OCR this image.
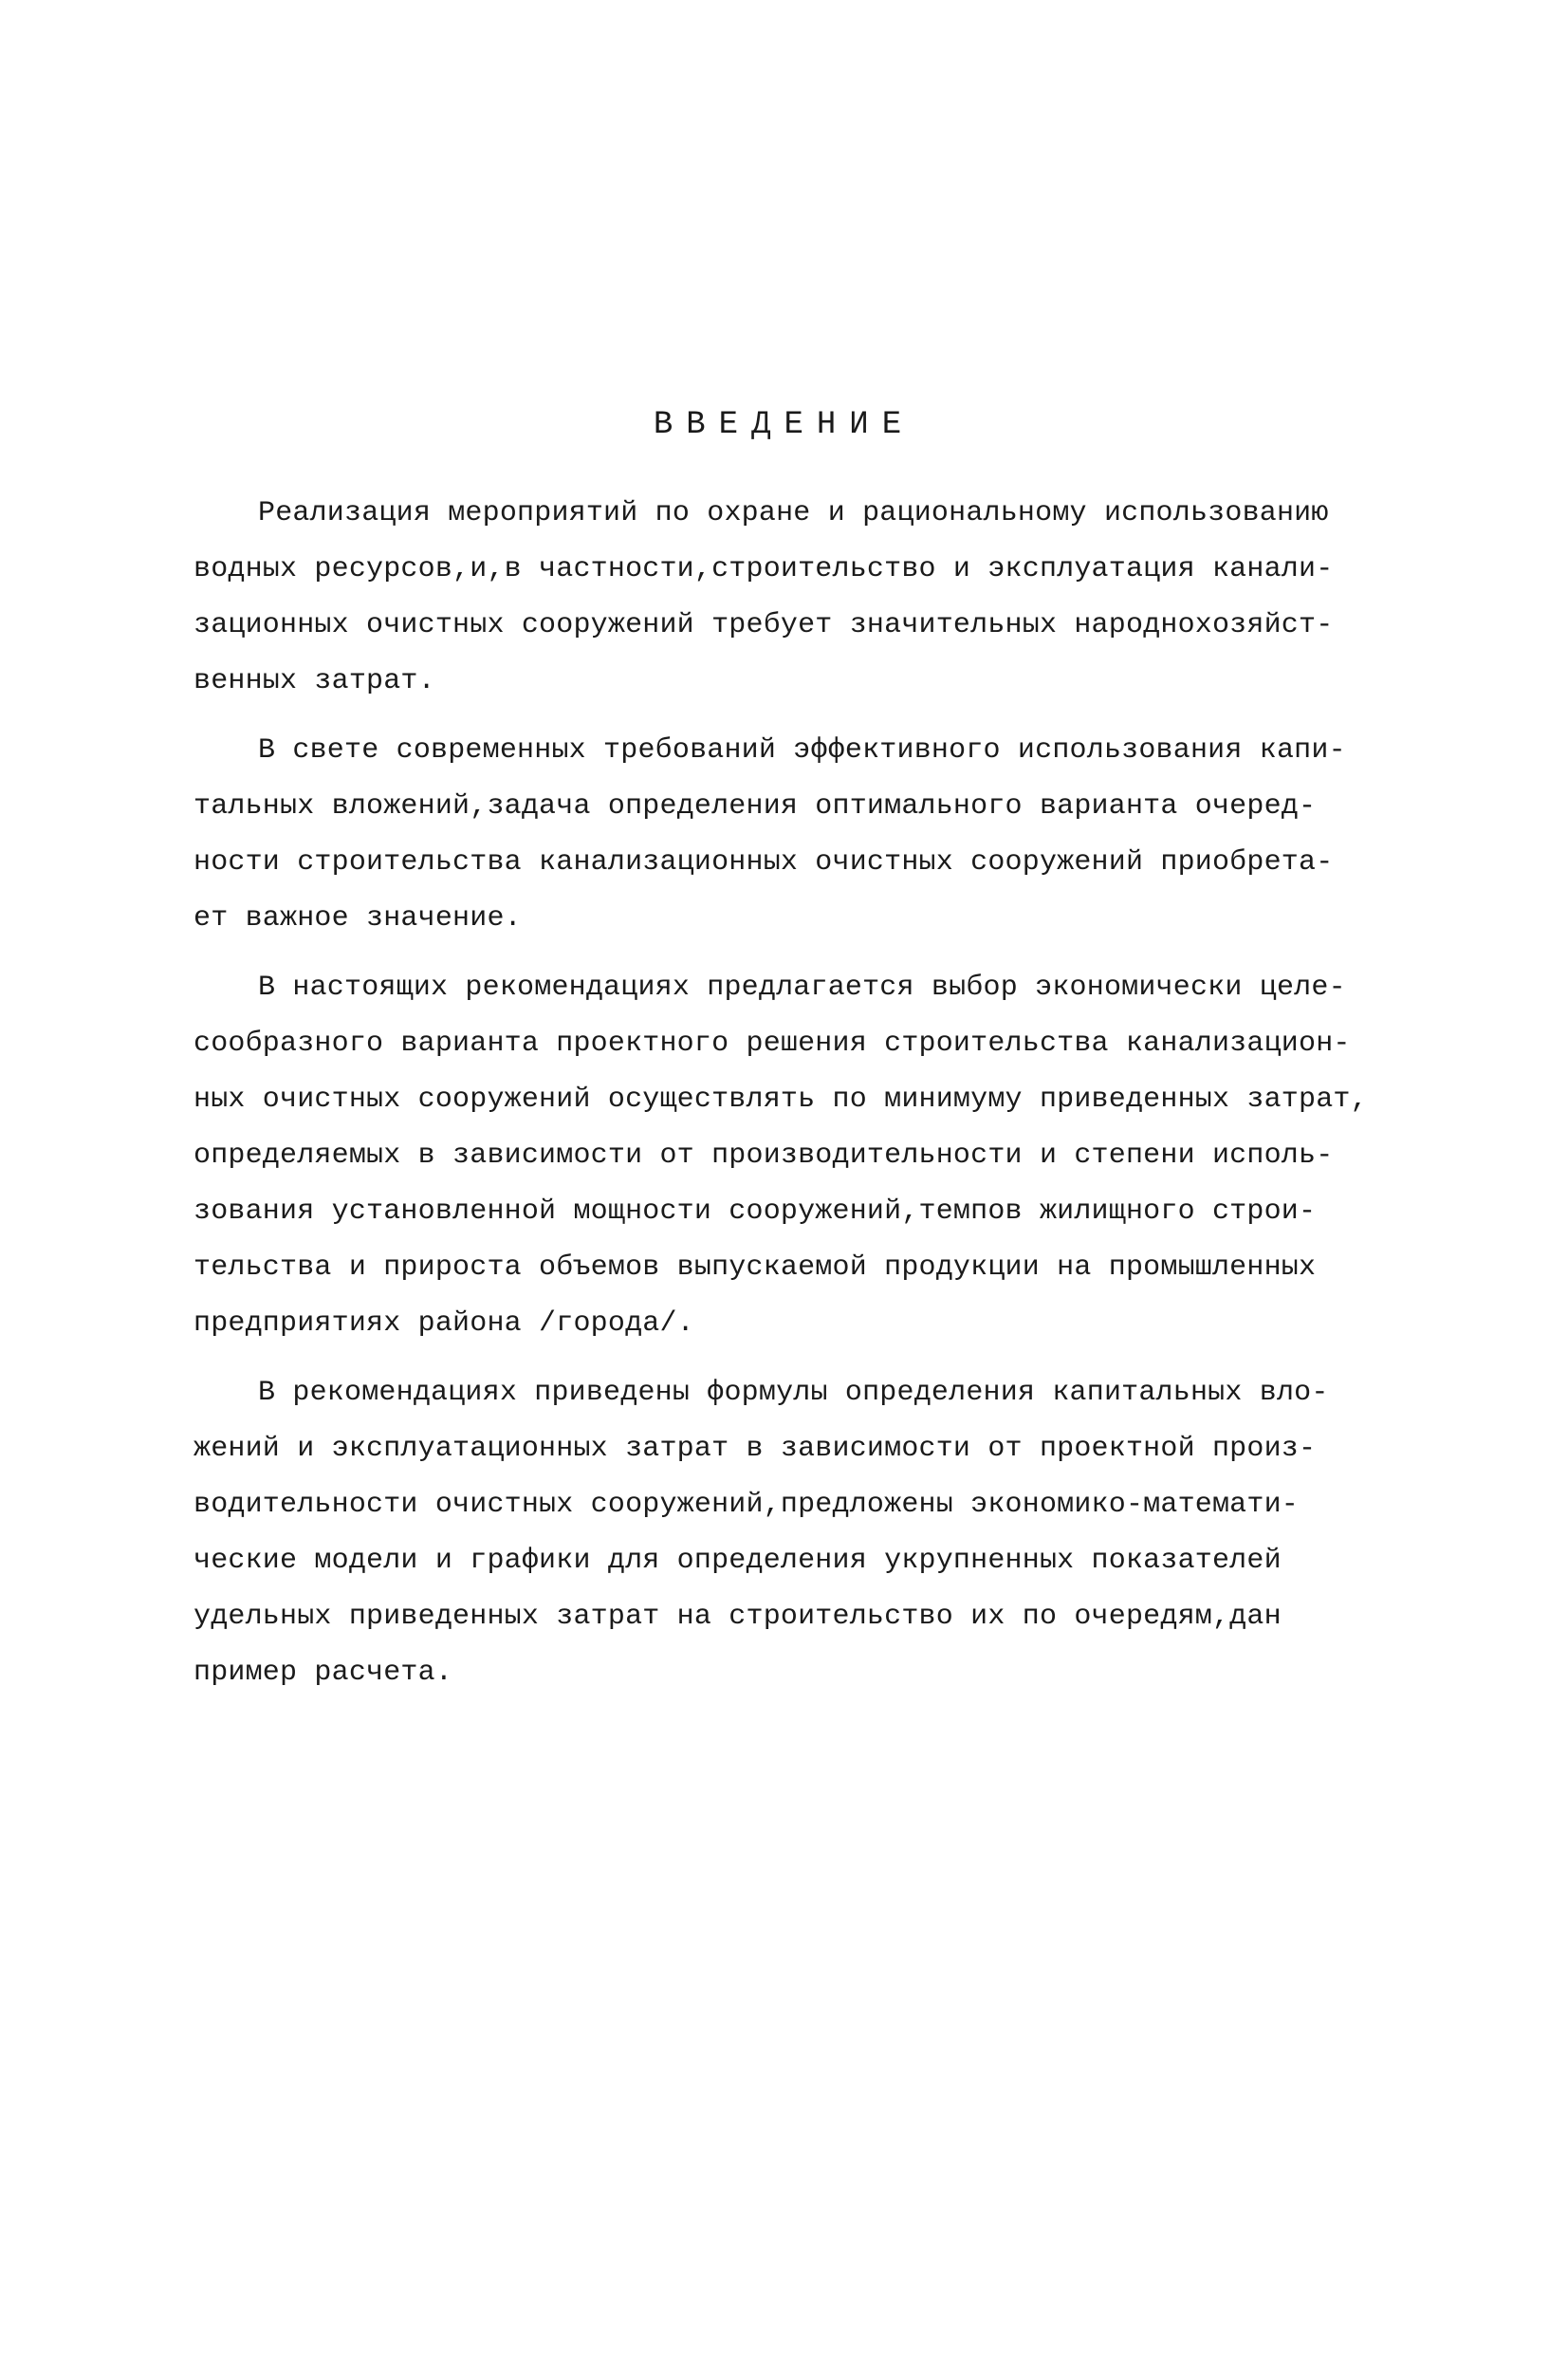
ВВЕДЕНИЕ
Реализация мероприятий по охране и рациональному использованию
водных ресурсов,и,в частности,строительство и эксплуатация канали-
зационных очистных сооружений требует значительных народнохозяйст-
венных затрат.
В свете современных требований эффективного использования капи-
тальных вложений,задача определения оптимального варианта очеред-
ности строительства канализационных очистных сооружений приобрета-
ет важное значение.
В настоящих рекомендациях предлагается выбор экономически целе-
сообразного варианта проектного решения строительства канализацион-
ных очистных сооружений осуществлять по минимуму приведенных затрат,
определяемых в зависимости от производительности и степени исполь-
зования установленной мощности сооружений,темпов жилищного строи-
тельства и прироста объемов выпускаемой продукции на промышленных
предприятиях района /города/.
В рекомендациях приведены формулы определения капитальных вло-
жений и эксплуатационных затрат в зависимости от проектной произ-
водительности очистных сооружений,предложены экономико-математи-
ческие модели и графики для определения укрупненных показателей
удельных приведенных затрат на строительство их по очередям,дан
пример расчета.
